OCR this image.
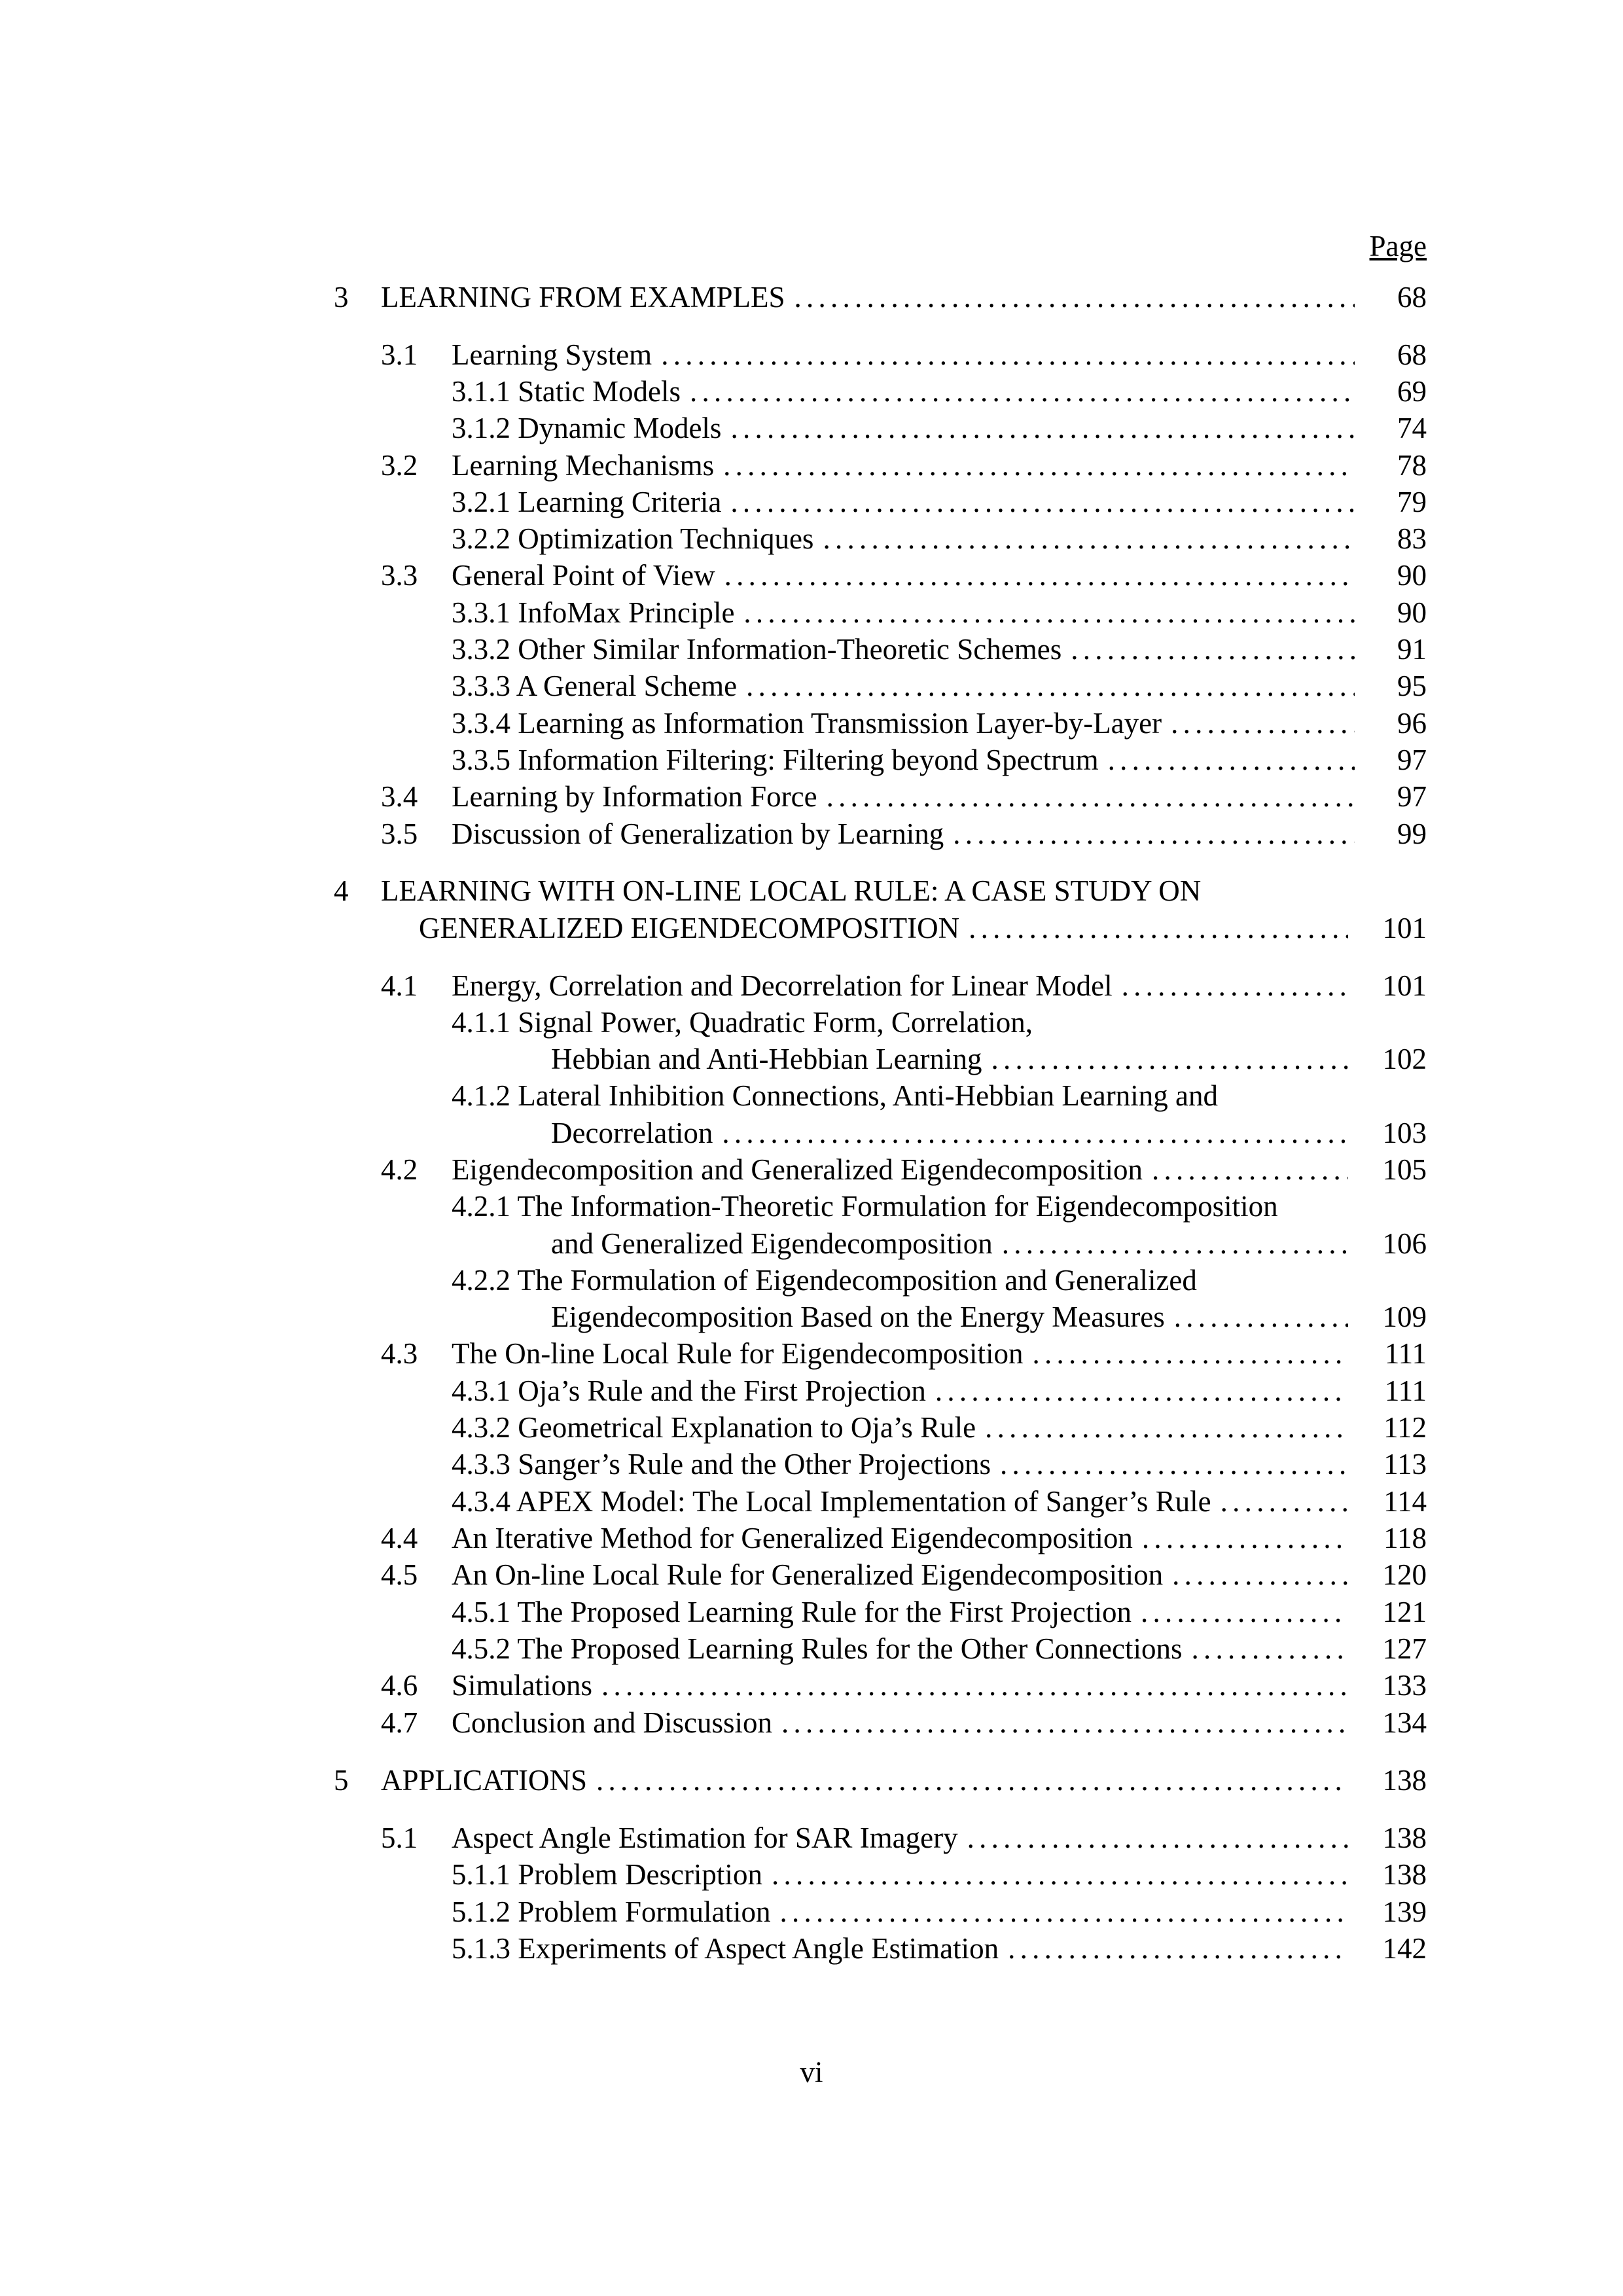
Page
3 LEARNING FROM EXAMPLES . . .	68
3.1 Learning System . . .	68
3.1.1 Static Models . . .	69
3.1.2 Dynamic Models . . .	74
3.2 Learning Mechanisms . . .	78
3.2.1 Learning Criteria . . .	79
3.2.2 Optimization Techniques . . .	83
3.3 General Point of View . . .	90
3.3.1 InfoMax Principle . . .	90
3.3.2 Other Similar Information-Theoretic Schemes . . .	91
3.3.3 A General Scheme . . .	95
3.3.4 Learning as Information Transmission Layer-by-Layer . . .	96
3.3.5 Information Filtering: Filtering beyond Spectrum . . .	97
3.4 Learning by Information Force . . .	97
3.5 Discussion of Generalization by Learning . . .	99
4 LEARNING WITH ON-LINE LOCAL RULE: A CASE STUDY ON
GENERALIZED EIGENDECOMPOSITION . . .	101
4.1 Energy, Correlation and Decorrelation for Linear Model . . .	101
4.1.1 Signal Power, Quadratic Form, Correlation,
Hebbian and Anti-Hebbian Learning . . .	102
4.1.2 Lateral Inhibition Connections, Anti-Hebbian Learning and
Decorrelation . . .	103
4.2 Eigendecomposition and Generalized Eigendecomposition . . .	105
4.2.1 The Information-Theoretic Formulation for Eigendecomposition
and Generalized Eigendecomposition . . .	106
4.2.2 The Formulation of Eigendecomposition and Generalized
Eigendecomposition Based on the Energy Measures . . .	109
4.3 The On-line Local Rule for Eigendecomposition . . .	111
4.3.1 Oja’s Rule and the First Projection . . .	111
4.3.2 Geometrical Explanation to Oja’s Rule . . .	112
4.3.3 Sanger’s Rule and the Other Projections . . .	113
4.3.4 APEX Model: The Local Implementation of Sanger’s Rule . . .	114
4.4 An Iterative Method for Generalized Eigendecomposition . . .	118
4.5 An On-line Local Rule for Generalized Eigendecomposition . . .	120
4.5.1 The Proposed Learning Rule for the First Projection . . .	121
4.5.2 The Proposed Learning Rules for the Other Connections . . .	127
4.6 Simulations . . .	133
4.7 Conclusion and Discussion . . .	134
5 APPLICATIONS . . .	138
5.1 Aspect Angle Estimation for SAR Imagery . . .	138
5.1.1 Problem Description . . .	138
5.1.2 Problem Formulation . . .	139
5.1.3 Experiments of Aspect Angle Estimation . . .	142
vi
